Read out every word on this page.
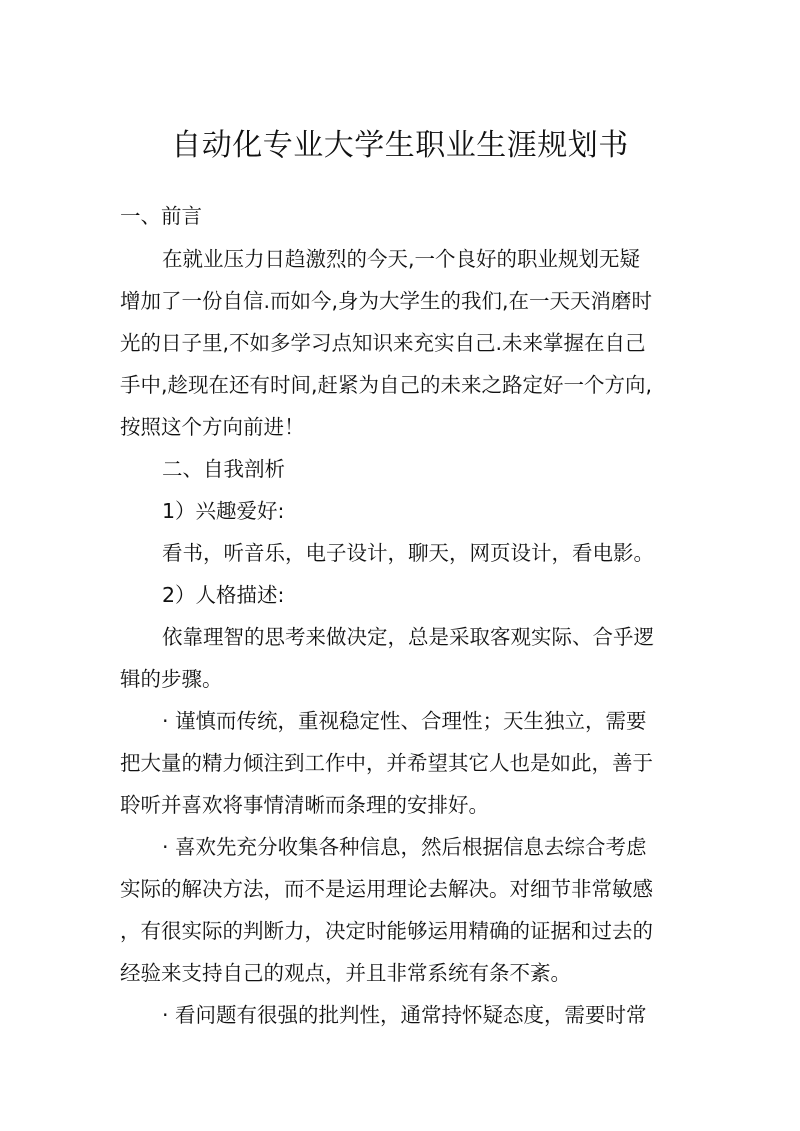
自动化专业大学生职业生涯规划书

一、前言

在就业压力日趋激烈的今天,一个良好的职业规划无疑

增加了一份自信.而如今,身为大学生的我们,在一天天消磨时

光的日子里,不如多学习点知识来充实自己.未来掌握在自己

手中,趁现在还有时间,赶紧为自己的未来之路定好一个方向,

按照这个方向前进！

二、自我剖析

1）兴趣爱好:

看书，听音乐，电子设计，聊天，网页设计，看电影。

2）人格描述:

依靠理智的思考来做决定，总是采取客观实际、合乎逻

辑的步骤。

· 谨慎而传统，重视稳定性、合理性；天生独立，需要

把大量的精力倾注到工作中，并希望其它人也是如此，善于

聆听并喜欢将事情清晰而条理的安排好。

· 喜欢先充分收集各种信息，然后根据信息去综合考虑

实际的解决方法，而不是运用理论去解决。对细节非常敏感

，有很实际的判断力，决定时能够运用精确的证据和过去的

经验来支持自己的观点，并且非常系统有条不紊。

· 看问题有很强的批判性，通常持怀疑态度，需要时常
